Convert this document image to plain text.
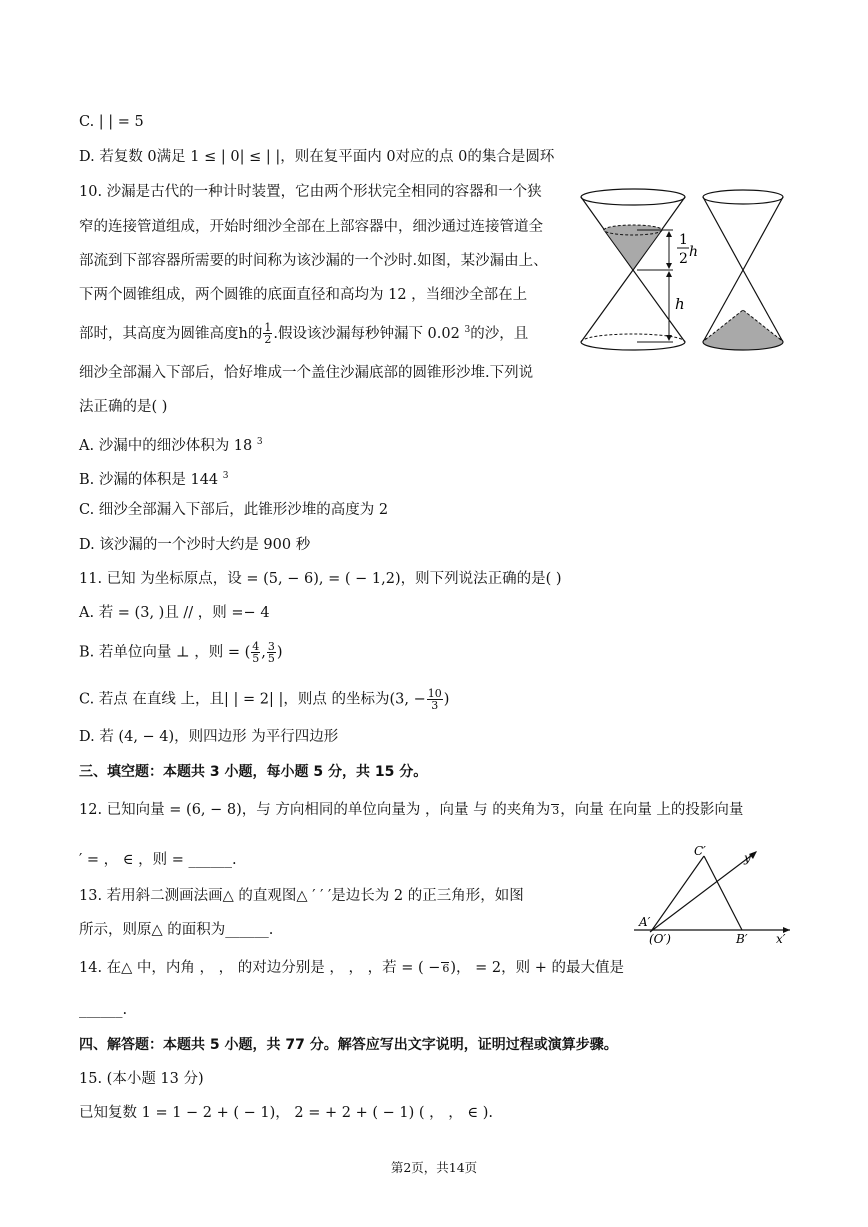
C. | | = 5
D. 若复数 0满足 1 ≤ | 0| ≤ | |，则在复平面内 0对应的点 0的集合是圆环
10. 沙漏是古代的一种计时装置，它由两个形状完全相同的容器和一个狭
窄的连接管道组成，开始时细沙全部在上部容器中，细沙通过连接管道全
部流到下部容器所需要的时间称为该沙漏的一个沙时.如图，某沙漏由上、
下两个圆锥组成，两个圆锥的底面直径和高均为 12 ，当细沙全部在上
部时，其高度为圆锥高度h的 $\frac{1}{2}$ .假设该沙漏每秒钟漏下 0.02 $^3$的沙，且
细沙全部漏入下部后，恰好堆成一个盖住沙漏底部的圆锥形沙堆.下列说
法正确的是( )
A. 沙漏中的细沙体积为 18 $^3$
B. 沙漏的体积是 144 $^3$
C. 细沙全部漏入下部后，此锥形沙堆的高度为 2
D. 该沙漏的一个沙时大约是 900 秒
11. 已知 为坐标原点，设 = (5, − 6), = ( − 1,2)，则下列说法正确的是( )
A. 若 = (3, )且 // ，则 =− 4
B. 若单位向量 ⊥ ，则 = ( $\frac{4}{5}$ , $\frac{3}{5}$ )
C. 若点 在直线 上，且| | = 2| |，则点 的坐标为(3, − $\frac{10}{3}$ )
D. 若 (4, − 4)，则四边形 为平行四边形
三、填空题：本题共 3 小题，每小题 5 分，共 15 分。
12. 已知向量 = (6, − 8)，与 方向相同的单位向量为 ，向量 与 的夹角为 3 ，向量 在向量 上的投影向量
′ = ， ∈ ，则 = ______.
13. 若用斜二测画法画△ 的直观图△ ′ ′ ′是边长为 2 的正三角形，如图
所示，则原△ 的面积为______.
14. 在△ 中，内角 ， ， 的对边分别是 ， ， ，若 = ( − 6 )， = 2，则 + 的最大值是
______.
四、解答题：本题共 5 小题，共 77 分。解答应写出文字说明，证明过程或演算步骤。
15. (本小题 13 分)
已知复数 1 = 1 − 2 + ( − 1)， 2 = + 2 + ( − 1) ( ， ， ∈ ).
1
2 h
h
C′	y′
A′
(O′)	B′ x′
第2页，共14页
